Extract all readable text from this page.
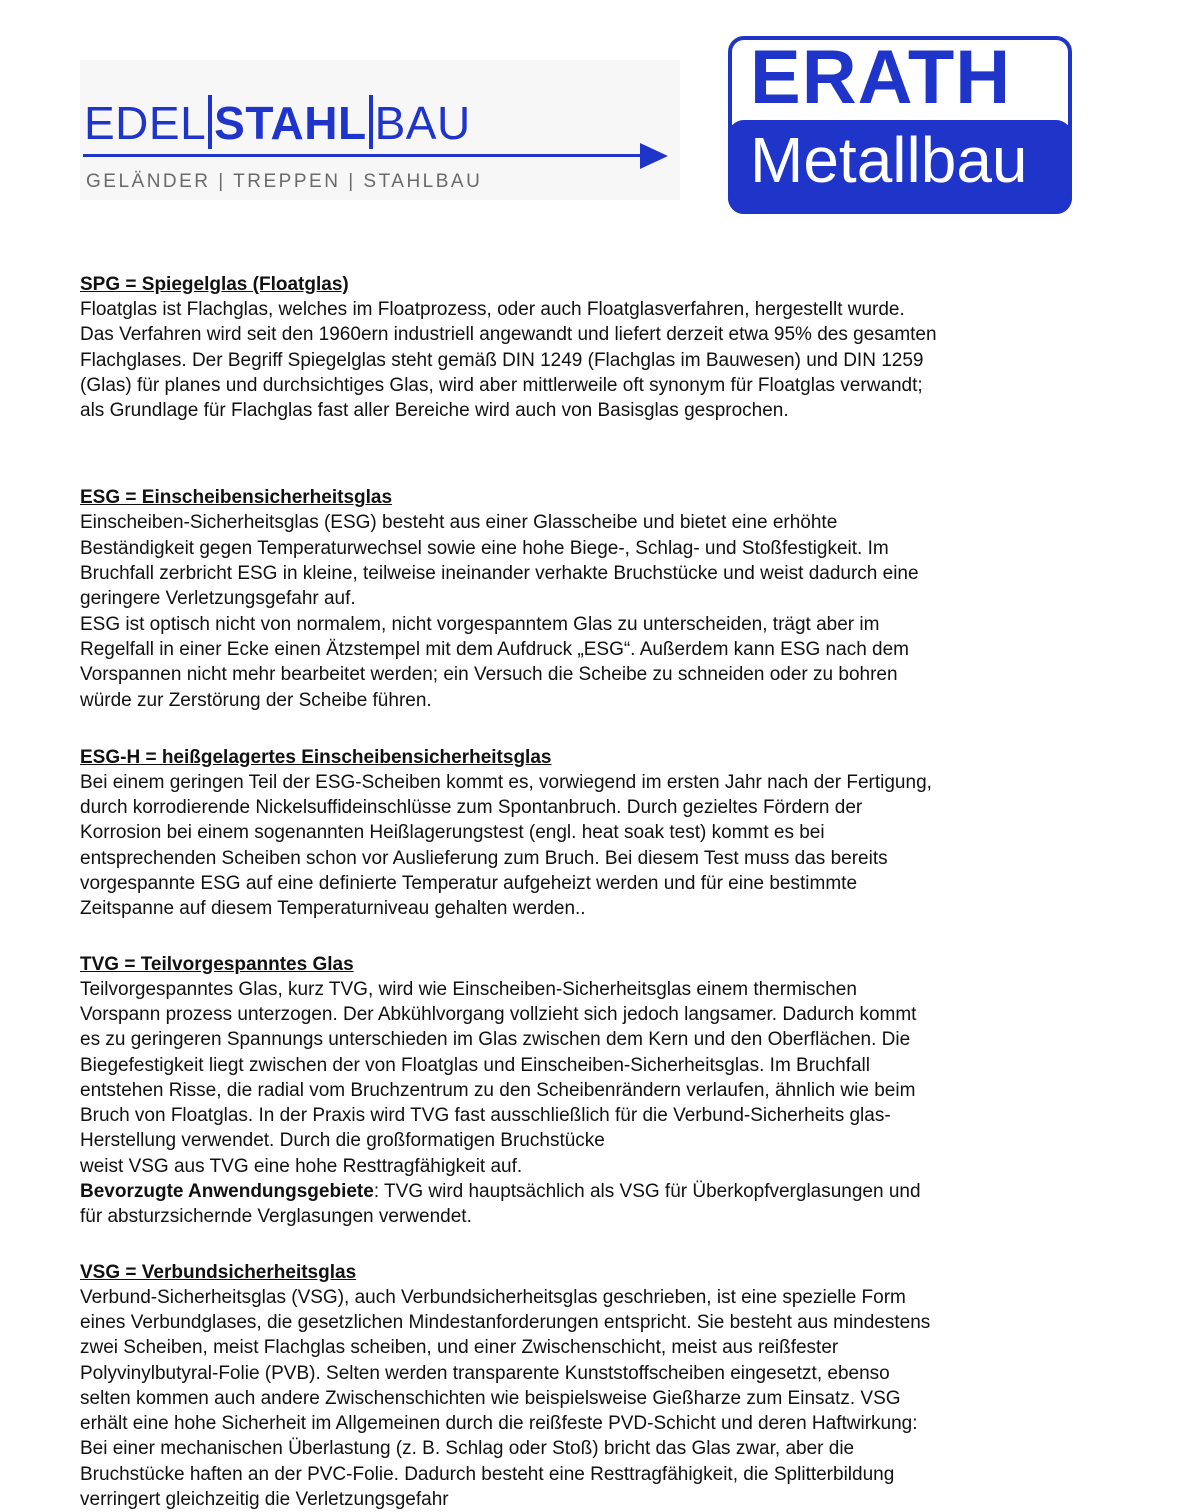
EDEL STAHL BAU
GELÄNDER | TREPPEN | STAHLBAU
ERATH
Metallbau
SPG = Spiegelglas (Floatglas)

Floatglas ist Flachglas, welches im Floatprozess, oder auch Floatglasverfahren, hergestellt wurde.
Das Verfahren wird seit den 1960ern industriell angewandt und liefert derzeit etwa 95% des gesamten
Flachglases. Der Begriff Spiegelglas steht gemäß DIN 1249 (Flachglas im Bauwesen) und DIN 1259
(Glas) für planes und durchsichtiges Glas, wird aber mittlerweile oft synonym für Floatglas verwandt;
als Grundlage für Flachglas fast aller Bereiche wird auch von Basisglas gesprochen.

ESG = Einscheibensicherheitsglas

Einscheiben-Sicherheitsglas (ESG) besteht aus einer Glasscheibe und bietet eine erhöhte
Beständigkeit gegen Temperaturwechsel sowie eine hohe Biege-, Schlag- und Stoßfestigkeit. Im
Bruchfall zerbricht ESG in kleine, teilweise ineinander verhakte Bruchstücke und weist dadurch eine
geringere Verletzungsgefahr auf.
ESG ist optisch nicht von normalem, nicht vorgespanntem Glas zu unterscheiden, trägt aber im
Regelfall in einer Ecke einen Ätzstempel mit dem Aufdruck „ESG“. Außerdem kann ESG nach dem
Vorspannen nicht mehr bearbeitet werden; ein Versuch die Scheibe zu schneiden oder zu bohren
würde zur Zerstörung der Scheibe führen.

ESG-H = heißgelagertes Einscheibensicherheitsglas

Bei einem geringen Teil der ESG-Scheiben kommt es, vorwiegend im ersten Jahr nach der Fertigung,
durch korrodierende Nickelsuffideinschlüsse zum Spontanbruch. Durch gezieltes Fördern der
Korrosion bei einem sogenannten Heißlagerungstest (engl. heat soak test) kommt es bei
entsprechenden Scheiben schon vor Auslieferung zum Bruch. Bei diesem Test muss das bereits
vorgespannte ESG auf eine definierte Temperatur aufgeheizt werden und für eine bestimmte
Zeitspanne auf diesem Temperaturniveau gehalten werden..

TVG = Teilvorgespanntes Glas

Teilvorgespanntes Glas, kurz TVG, wird wie Einscheiben-Sicherheitsglas einem thermischen
Vorspann prozess unterzogen. Der Abkühlvorgang vollzieht sich jedoch langsamer. Dadurch kommt
es zu geringeren Spannungs unterschieden im Glas zwischen dem Kern und den Oberflächen. Die
Biegefestigkeit liegt zwischen der von Floatglas und Einscheiben-Sicherheitsglas. Im Bruchfall
entstehen Risse, die radial vom Bruchzentrum zu den Scheibenrändern verlaufen, ähnlich wie beim
Bruch von Floatglas. In der Praxis wird TVG fast ausschließlich für die Verbund-Sicherheits glas-
Herstellung verwendet. Durch die großformatigen Bruchstücke
weist VSG aus TVG eine hohe Resttragfähigkeit auf.
Bevorzugte Anwendungsgebiete: TVG wird hauptsächlich als VSG für Überkopfverglasungen und
für absturzsichernde Verglasungen verwendet.

VSG = Verbundsicherheitsglas

Verbund-Sicherheitsglas (VSG), auch Verbundsicherheitsglas geschrieben, ist eine spezielle Form
eines Verbundglases, die gesetzlichen Mindestanforderungen entspricht. Sie besteht aus mindestens
zwei Scheiben, meist Flachglas scheiben, und einer Zwischenschicht, meist aus reißfester
Polyvinylbutyral-Folie (PVB). Selten werden transparente Kunststoffscheiben eingesetzt, ebenso
selten kommen auch andere Zwischenschichten wie beispielsweise Gießharze zum Einsatz. VSG
erhält eine hohe Sicherheit im Allgemeinen durch die reißfeste PVD-Schicht und deren Haftwirkung:
Bei einer mechanischen Überlastung (z. B. Schlag oder Stoß) bricht das Glas zwar, aber die
Bruchstücke haften an der PVC-Folie. Dadurch besteht eine Resttragfähigkeit, die Splitterbildung
verringert gleichzeitig die Verletzungsgefahr
